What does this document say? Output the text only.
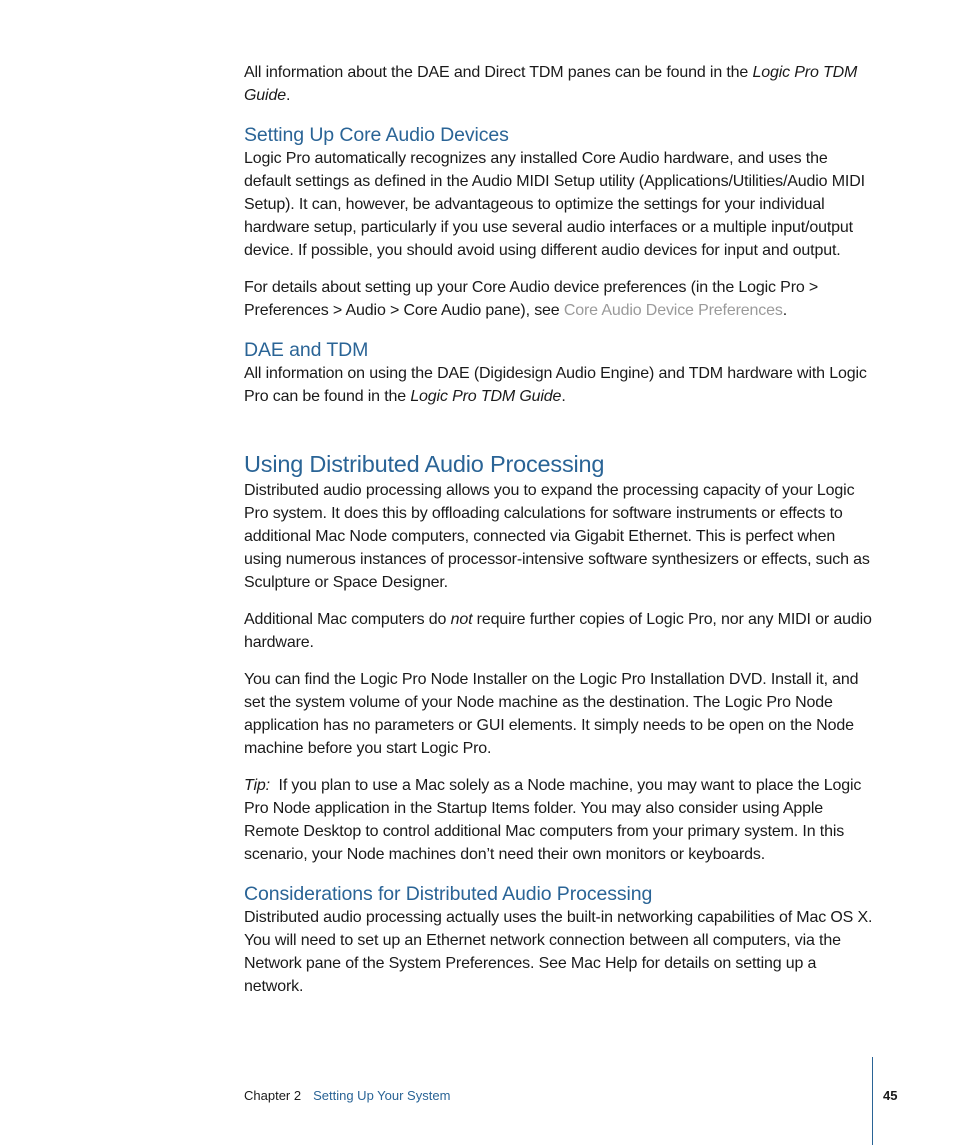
All information about the DAE and Direct TDM panes can be found in the Logic Pro TDM Guide.

Setting Up Core Audio Devices

Logic Pro automatically recognizes any installed Core Audio hardware, and uses the default settings as defined in the Audio MIDI Setup utility (Applications/Utilities/Audio MIDI Setup). It can, however, be advantageous to optimize the settings for your individual hardware setup, particularly if you use several audio interfaces or a multiple input/output device. If possible, you should avoid using different audio devices for input and output.

For details about setting up your Core Audio device preferences (in the Logic Pro > Preferences > Audio > Core Audio pane), see Core Audio Device Preferences.

DAE and TDM

All information on using the DAE (Digidesign Audio Engine) and TDM hardware with Logic Pro can be found in the Logic Pro TDM Guide.

Using Distributed Audio Processing

Distributed audio processing allows you to expand the processing capacity of your Logic Pro system. It does this by offloading calculations for software instruments or effects to additional Mac Node computers, connected via Gigabit Ethernet. This is perfect when using numerous instances of processor-intensive software synthesizers or effects, such as Sculpture or Space Designer.

Additional Mac computers do not require further copies of Logic Pro, nor any MIDI or audio hardware.

You can find the Logic Pro Node Installer on the Logic Pro Installation DVD. Install it, and set the system volume of your Node machine as the destination. The Logic Pro Node application has no parameters or GUI elements. It simply needs to be open on the Node machine before you start Logic Pro.

Tip: If you plan to use a Mac solely as a Node machine, you may want to place the Logic Pro Node application in the Startup Items folder. You may also consider using Apple Remote Desktop to control additional Mac computers from your primary system. In this scenario, your Node machines don’t need their own monitors or keyboards.

Considerations for Distributed Audio Processing

Distributed audio processing actually uses the built-in networking capabilities of Mac OS X. You will need to set up an Ethernet network connection between all computers, via the Network pane of the System Preferences. See Mac Help for details on setting up a network.

Chapter 2 Setting Up Your System	45
